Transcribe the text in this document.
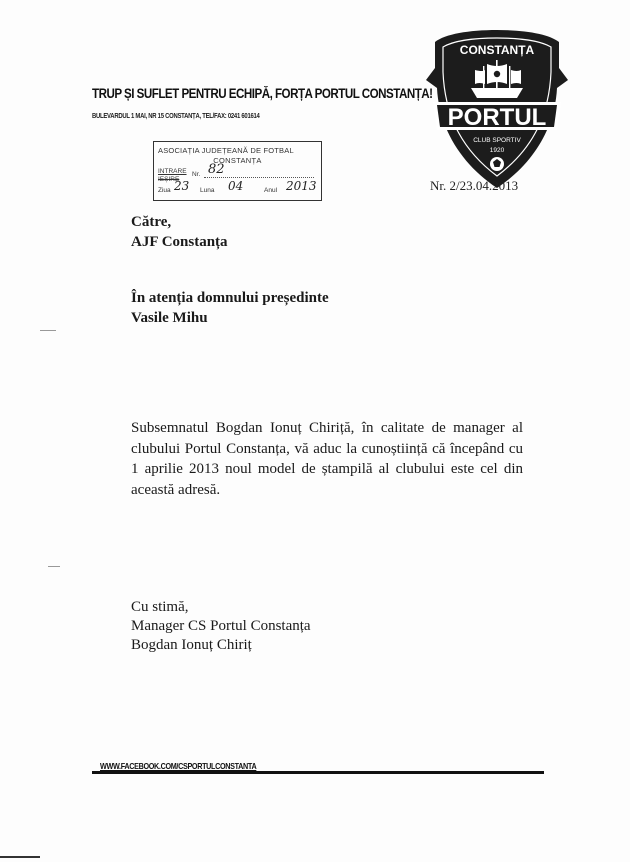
TRUP ȘI SUFLET PENTRU ECHIPĂ, FORȚA PORTUL CONSTANȚA!
BULEVARDUL 1 MAI, NR 15 CONSTANȚA, TEL/FAX: 0241 601614
CONSTANȚA
PORTUL
CLUB SPORTIV
1920
ASOCIAȚIA JUDEȚEANĂ DE FOTBAL
CONSTANȚA
INTRARE
IEȘIRE
Nr. 82
Ziua 23 Luna 04	Anul 2013	Nr. 2/23.04.2013
Către,
AJF Constanța
În atenția domnului președinte
Vasile Mihu
Subsemnatul Bogdan Ionuț Chiriță, în calitate de manager al clubului Portul Constanța, vă aduc la cunoștiință că începând cu 1 aprilie 2013 noul model de ștampilă al clubului este cel din această adresă.
Cu stimă,
Manager CS Portul Constanța
Bogdan Ionuț Chiriț
WWW.FACEBOOK.COM/CSPORTULCONSTANTA
